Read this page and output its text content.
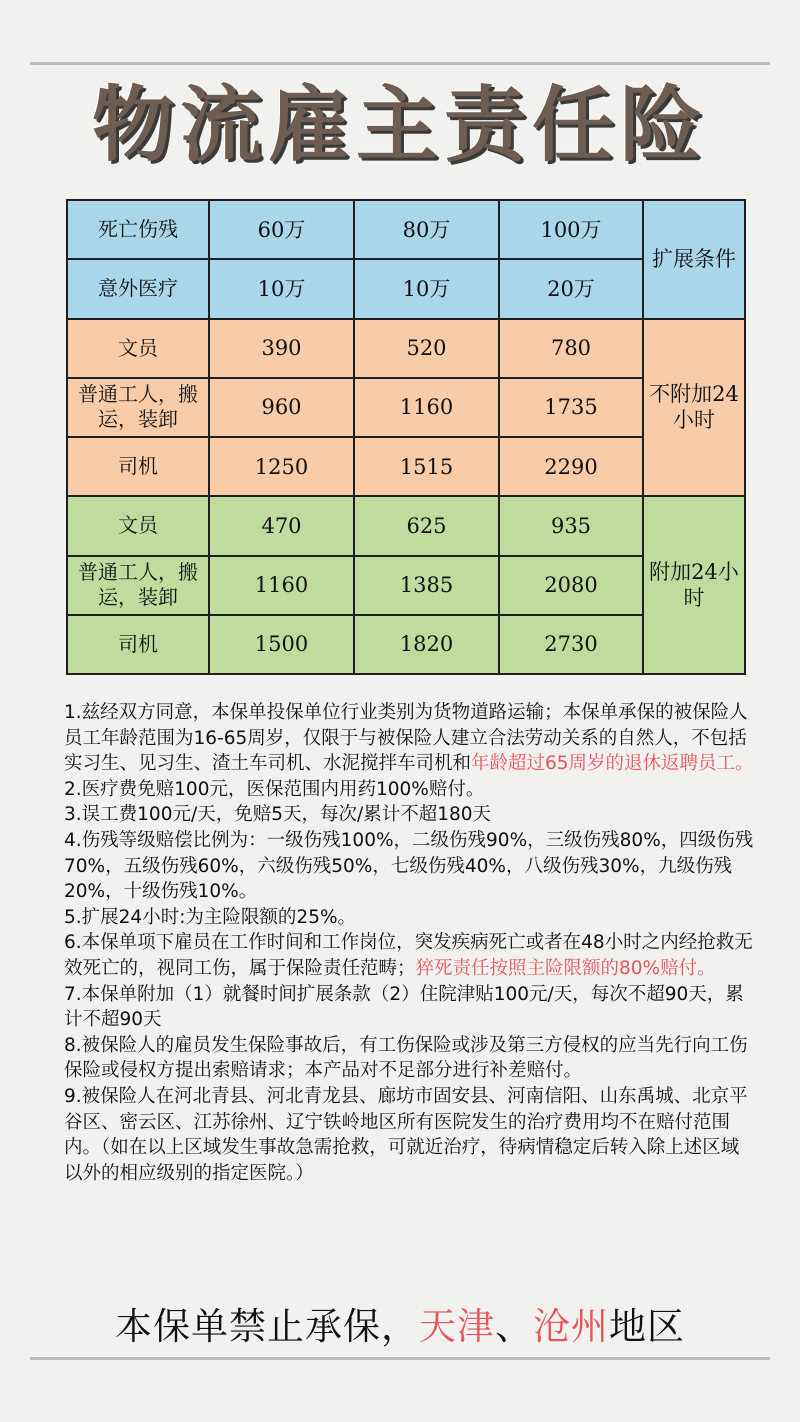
物流雇主责任险
死亡伤残	60万	80万	100万	扩展条件
意外医疗	10万	10万	20万	
文员	390	520	780	不附加24小时
普通工人，搬运，装卸	960	1160	1735	
司机	1250	1515	2290	
文员	470	625	935	附加24小时
普通工人，搬运，装卸	1160	1385	2080	
司机	1500	1820	2730	

1.兹经双方同意，本保单投保单位行业类别为货物道路运输；本保单承保的被保险人员工年龄范围为16-65周岁，仅限于与被保险人建立合法劳动关系的自然人，不包括实习生、见习生、渣土车司机、水泥搅拌车司机和年龄超过65周岁的退休返聘员工。

2.医疗费免赔100元，医保范围内用药100%赔付。

3.误工费100元/天，免赔5天，每次/累计不超180天

4.伤残等级赔偿比例为：一级伤残100%，二级伤残90%，三级伤残80%，四级伤残70%，五级伤残60%，六级伤残50%，七级伤残40%，八级伤残30%，九级伤残20%，十级伤残10%。

5.扩展24小时:为主险限额的25%。

6.本保单项下雇员在工作时间和工作岗位，突发疾病死亡或者在48小时之内经抢救无效死亡的，视同工伤，属于保险责任范畴；猝死责任按照主险限额的80%赔付。

7.本保单附加（1）就餐时间扩展条款（2）住院津贴100元/天，每次不超90天，累计不超90天

8.被保险人的雇员发生保险事故后，有工伤保险或涉及第三方侵权的应当先行向工伤保险或侵权方提出索赔请求；本产品对不足部分进行补差赔付。

9.被保险人在河北青县、河北青龙县、廊坊市固安县、河南信阳、山东禹城、北京平谷区、密云区、江苏徐州、辽宁铁岭地区所有医院发生的治疗费用均不在赔付范围内。（如在以上区域发生事故急需抢救，可就近治疗，待病情稳定后转入除上述区域以外的相应级别的指定医院。）

本保单禁止承保，天津、沧州地区
